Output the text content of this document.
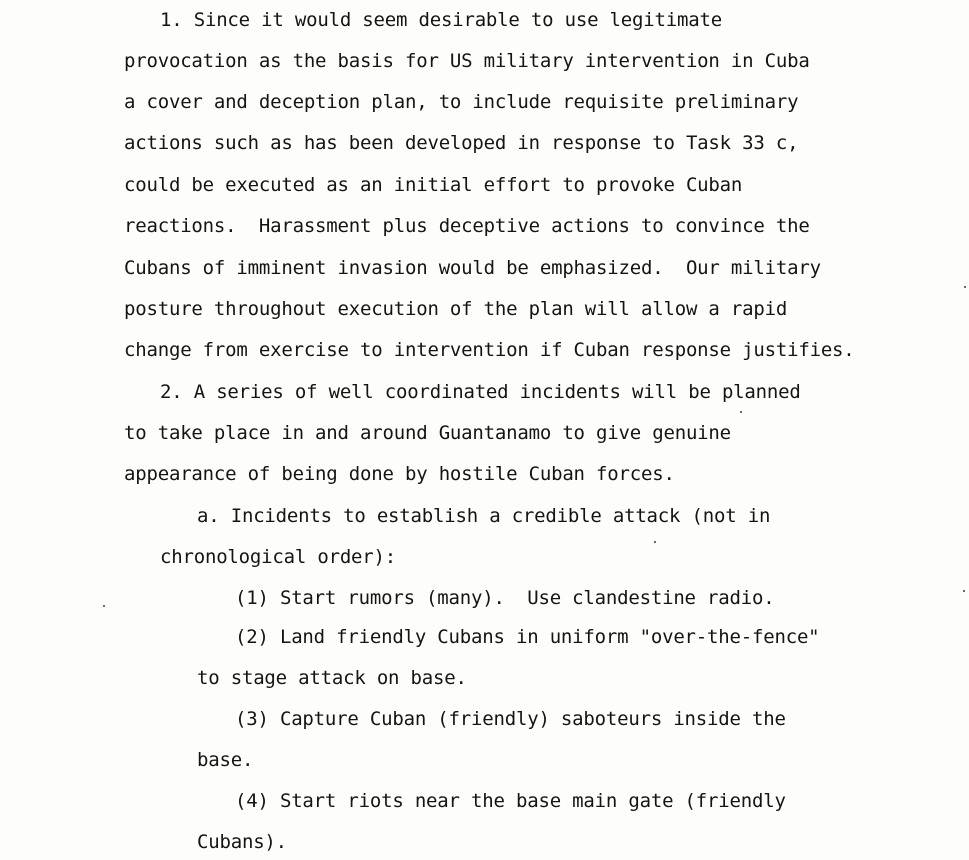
1. Since it would seem desirable to use legitimate
provocation as the basis for US military intervention in Cuba
a cover and deception plan, to include requisite preliminary
actions such as has been developed in response to Task 33 c,
could be executed as an initial effort to provoke Cuban
reactions.  Harassment plus deceptive actions to convince the
Cubans of imminent invasion would be emphasized.  Our military
posture throughout execution of the plan will allow a rapid
change from exercise to intervention if Cuban response justifies.
2. A series of well coordinated incidents will be planned
to take place in and around Guantanamo to give genuine
appearance of being done by hostile Cuban forces.
a. Incidents to establish a credible attack (not in
chronological order):
(1) Start rumors (many).  Use clandestine radio.
(2) Land friendly Cubans in uniform "over-the-fence"
to stage attack on base.
(3) Capture Cuban (friendly) saboteurs inside the
base.
(4) Start riots near the base main gate (friendly
Cubans).
